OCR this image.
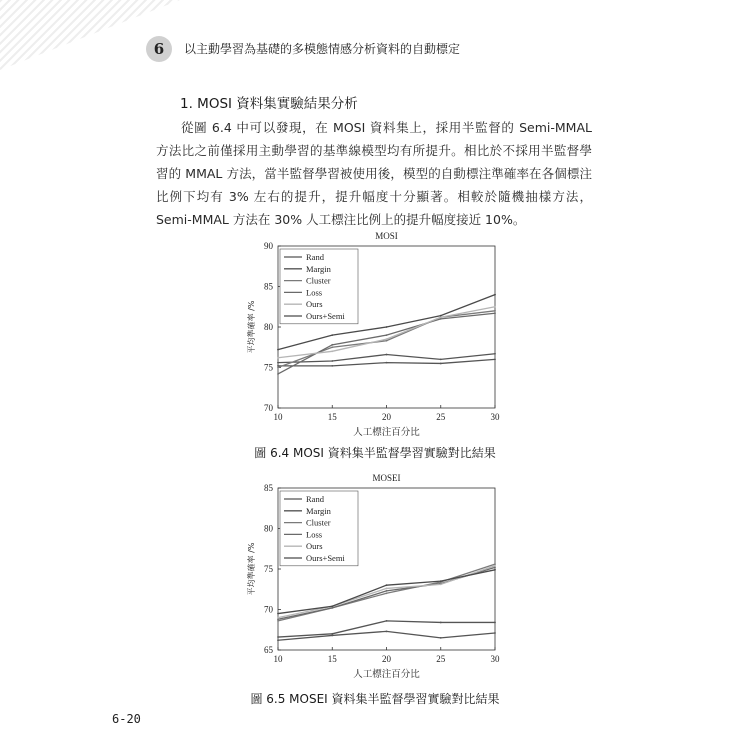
6	以主動學習為基礎的多模態情感分析資料的自動標定
1. MOSI 資料集實驗結果分析

從圖 6.4 中可以發現，在 MOSI 資料集上，採用半監督的 Semi-MMAL 方法比之前僅採用主動學習的基準線模型均有所提升。相比於不採用半監督學習的 MMAL 方法，當半監督學習被使用後，模型的自動標注準確率在各個標注比例下均有 3% 左右的提升，提升幅度十分顯著。相較於隨機抽樣方法，Semi-MMAL 方法在 30% 人工標注比例上的提升幅度接近 10%。

MOSI
70
75
80
85
90
10	15	20	25	30
人工標注百分比
平均準確率 /%
Rand
Margin
Cluster
Loss
Ours
Ours+Semi
圖 6.4 MOSI 資料集半監督學習實驗對比結果
MOSEI
65
70
75
80
85
10	15	20	25	30
人工標注百分比
平均準確率 /%
Rand
Margin
Cluster
Loss
Ours
Ours+Semi
圖 6.5 MOSEI 資料集半監督學習實驗對比結果
6-20
